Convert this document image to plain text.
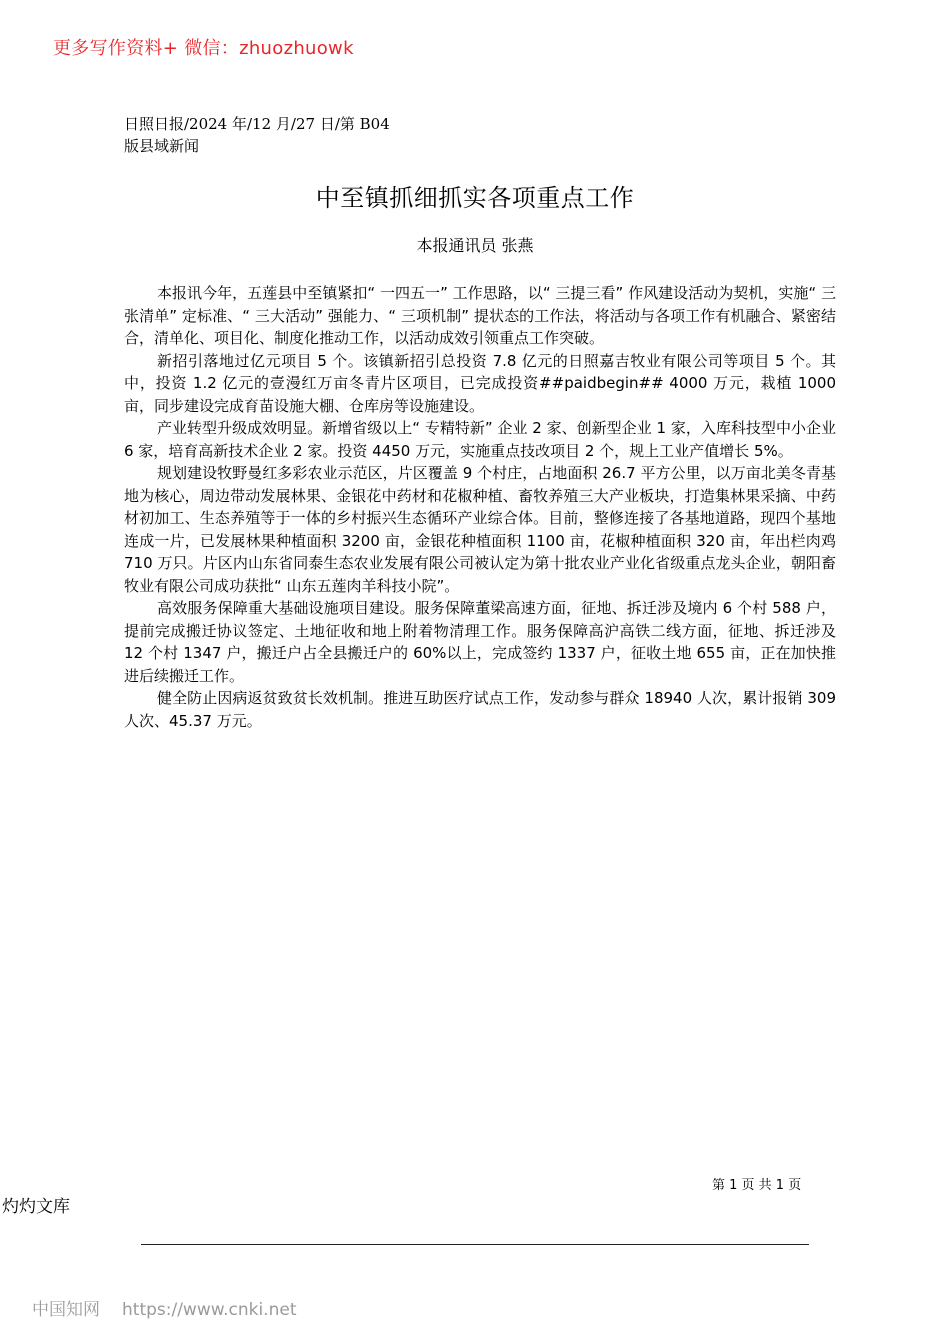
更多写作资料+ 微信：zhuozhuowk
日照日报/2024 年/12 月/27 日/第 B04
版县域新闻
中至镇抓细抓实各项重点工作
本报通讯员 张燕

本报讯今年，五莲县中至镇紧扣“ 一四五一” 工作思路，以“ 三提三看” 作风建设活动为契机，实施“ 三张清单” 定标准、“ 三大活动” 强能力、“ 三项机制” 提状态的工作法，将活动与各项工作有机融合、紧密结合，清单化、项目化、制度化推动工作，以活动成效引领重点工作突破。

新招引落地过亿元项目 5 个。该镇新招引总投资 7.8 亿元的日照嘉吉牧业有限公司等项目 5 个。其中，投资 1.2 亿元的壹漫红万亩冬青片区项目，已完成投资##paidbegin## 4000 万元，栽植 1000 亩，同步建设完成育苗设施大棚、仓库房等设施建设。

产业转型升级成效明显。新增省级以上“ 专精特新” 企业 2 家、创新型企业 1 家，入库科技型中小企业 6 家，培育高新技术企业 2 家。投资 4450 万元，实施重点技改项目 2 个，规上工业产值增长 5%。

规划建设牧野曼红多彩农业示范区，片区覆盖 9 个村庄，占地面积 26.7 平方公里，以万亩北美冬青基地为核心，周边带动发展林果、金银花中药材和花椒种植、畜牧养殖三大产业板块，打造集林果采摘、中药材初加工、生态养殖等于一体的乡村振兴生态循环产业综合体。目前，整修连接了各基地道路，现四个基地连成一片，已发展林果种植面积 3200 亩，金银花种植面积 1100 亩，花椒种植面积 320 亩，年出栏肉鸡 710 万只。片区内山东省同泰生态农业发展有限公司被认定为第十批农业产业化省级重点龙头企业，朝阳畜牧业有限公司成功获批“ 山东五莲肉羊科技小院”。

高效服务保障重大基础设施项目建设。服务保障董梁高速方面，征地、拆迁涉及境内 6 个村 588 户，提前完成搬迁协议签定、土地征收和地上附着物清理工作。服务保障高沪高铁二线方面，征地、拆迁涉及 12 个村 1347 户，搬迁户占全县搬迁户的 60%以上，完成签约 1337 户，征收土地 655 亩，正在加快推进后续搬迁工作。

健全防止因病返贫致贫长效机制。推进互助医疗试点工作，发动参与群众 18940 人次，累计报销 309 人次、45.37 万元。

第 1 页 共 1 页
灼灼文库
中国知网 https://www.cnki.net
